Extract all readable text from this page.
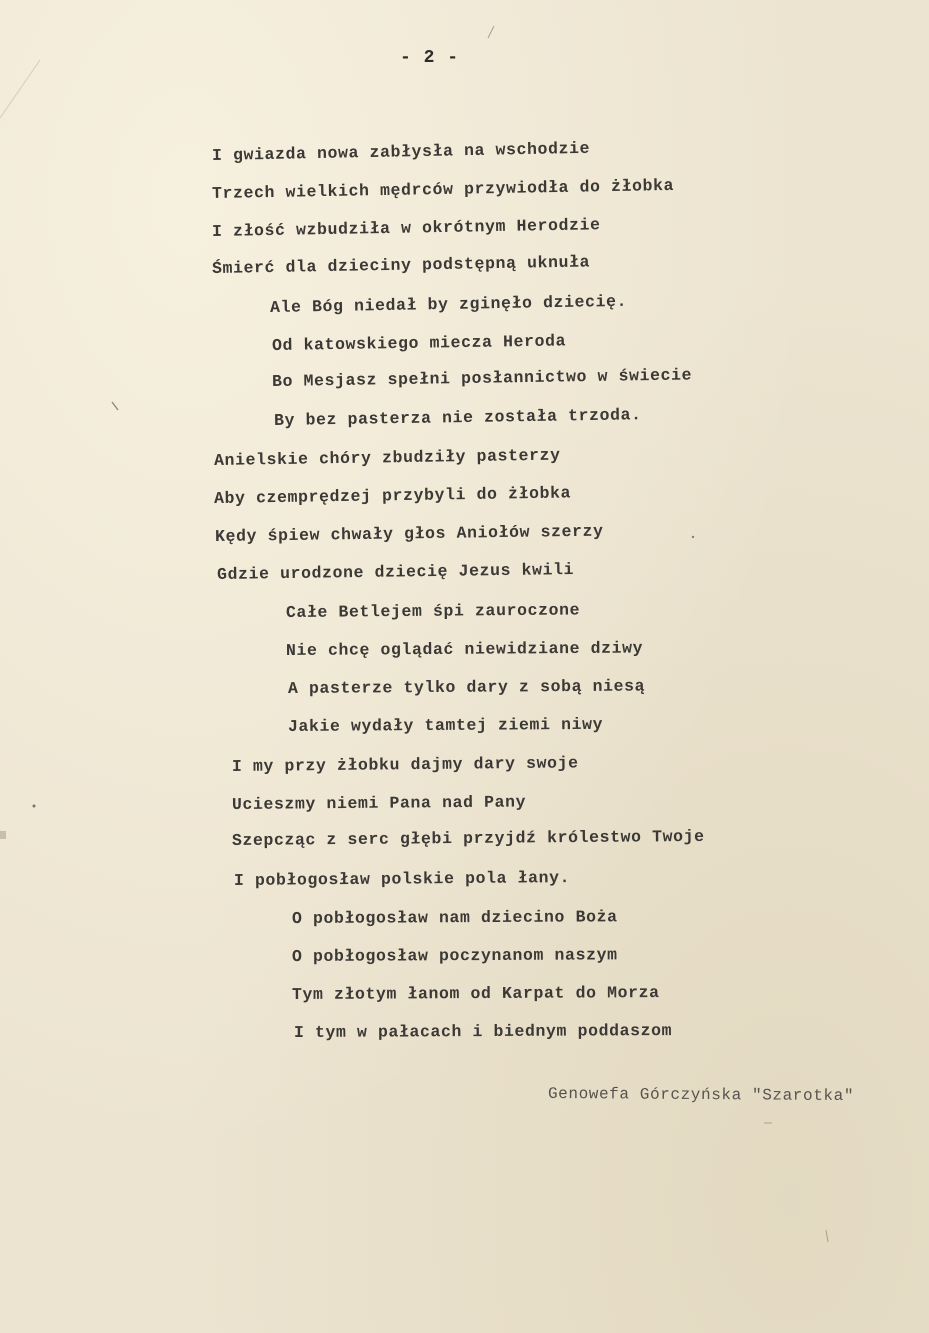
- 2 -
I gwiazda nowa zabłysła na wschodzie
Trzech wielkich mędrców przywiodła do żłobka
I złość wzbudziła w okrótnym Herodzie
Śmierć dla dzieciny podstępną uknuła
Ale Bóg niedał by zginęło dziecię.
Od katowskiego miecza Heroda
Bo Mesjasz spełni posłannictwo w świecie
By bez pasterza nie została trzoda.
Anielskie chóry zbudziły pasterzy
Aby czemprędzej przybyli do żłobka
Kędy śpiew chwały głos Aniołów szerzy
Gdzie urodzone dziecię Jezus kwili
Całe Betlejem śpi zauroczone
Nie chcę oglądać niewidziane dziwy
A pasterze tylko dary z sobą niesą
Jakie wydały tamtej ziemi niwy
I my przy żłobku dajmy dary swoje
Ucieszmy niemi Pana nad Pany
Szepcząc z serc głębi przyjdź królestwo Twoje
I pobłogosław polskie pola łany.
O pobłogosław nam dziecino Boża
O pobłogosław poczynanom naszym
Tym złotym łanom od Karpat do Morza
I tym w pałacach i biednym poddaszom
Genowefa Górczyńska "Szarotka"
